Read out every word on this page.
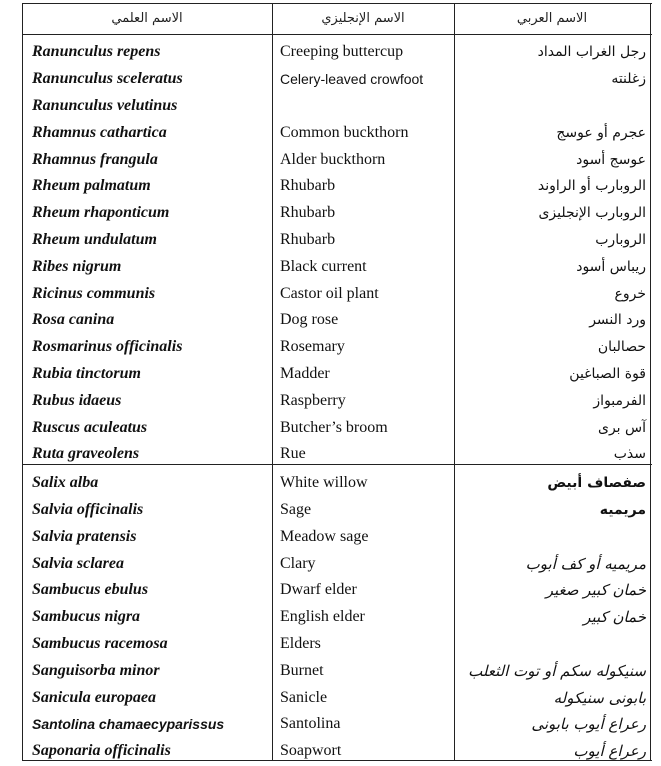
الاسم العلمي	الاسم الإنجليزي	الاسم العربي
Ranunculus repens	Creeping buttercup	رجل الغراب المداد
Ranunculus sceleratus	Celery-leaved crowfoot	زغلنته
Ranunculus velutinus
Rhamnus cathartica	Common buckthorn	عجرم أو عوسج
Rhamnus frangula	Alder buckthorn	عوسج أسود
Rheum palmatum	Rhubarb	الروبارب أو الراوند
Rheum rhaponticum	Rhubarb	الروبارب الإنجليزى
Rheum undulatum	Rhubarb	الروبارب
Ribes nigrum	Black current	ريباس أسود
Ricinus communis	Castor oil plant	خروع
Rosa canina	Dog rose	ورد النسر
Rosmarinus officinalis	Rosemary	حصالبان
Rubia tinctorum	Madder	قوة الصباغين
Rubus idaeus	Raspberry	الفرمبواز
Ruscus aculeatus	Butcher’s broom	آس برى
Ruta graveolens	Rue	سذب
Salix alba	White willow	صفصاف أبيض
Salvia officinalis	Sage	مريميه
Salvia pratensis	Meadow sage
Salvia sclarea	Clary	مريميه أو كف أبوب
Sambucus ebulus	Dwarf elder	خمان كبير صغير
Sambucus nigra	English elder	خمان كبير
Sambucus racemosa	Elders
Sanguisorba minor	Burnet	سنيكوله سكم أو توت الثعلب
Sanicula europaea	Sanicle	بابونى سنيكوله
Santolina chamaecyparissus	Santolina	رعراع أيوب بابونى
Saponaria officinalis	Soapwort	رعراع أيوب
